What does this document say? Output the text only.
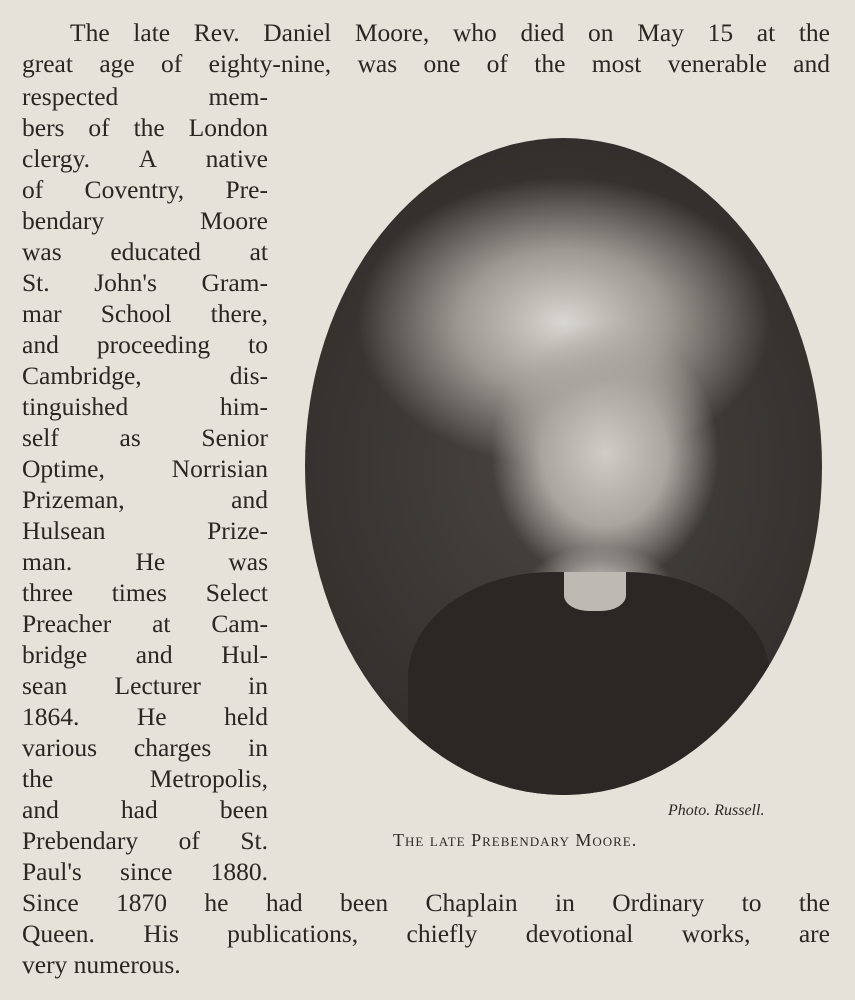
The late Rev. Daniel Moore, who died on May 15 at the
great age of eighty-nine, was one of the most venerable and
respected mem-
bers of the London
clergy. A native
of Coventry, Pre-
bendary Moore
was educated at
St. John's Gram-
mar School there,
and proceeding to
Cambridge, dis-
tinguished him-
self as Senior
Optime, Norrisian
Prizeman, and
Hulsean Prize-
man. He was
three times Select
Preacher at Cam-
bridge and Hul-
sean Lecturer in
1864. He held
various charges in
the Metropolis,
and had been
Prebendary of St.
Paul's since 1880.
Photo. Russell.
The late Prebendary Moore.
Since 1870 he had been Chaplain in Ordinary to the
Queen. His publications, chiefly devotional works, are
very numerous.
